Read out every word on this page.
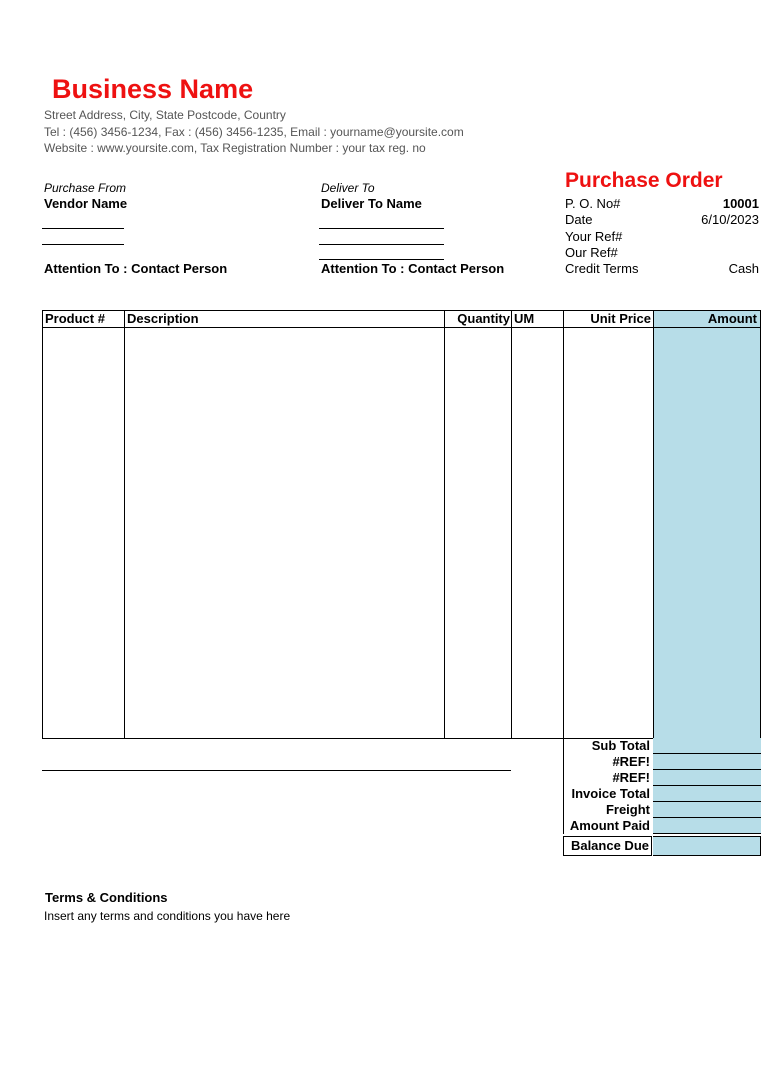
Business Name
Street Address, City, State Postcode, Country
Tel : (456) 3456-1234, Fax : (456) 3456-1235, Email : yourname@yoursite.com
Website : www.yoursite.com, Tax Registration Number : your tax reg. no
Purchase From
Vendor Name
Attention To : Contact Person
Deliver To
Deliver To Name
Attention To : Contact Person
Purchase Order
P. O. No#	10001
Date	6/10/2023
Your Ref#
Our Ref#
Credit Terms	Cash
Product #	Description	Quantity UM	Unit Price	Amount
Sub Total
#REF!
#REF!
Invoice Total
Freight
Amount Paid
Balance Due
Terms & Conditions
Insert any terms and conditions you have here
